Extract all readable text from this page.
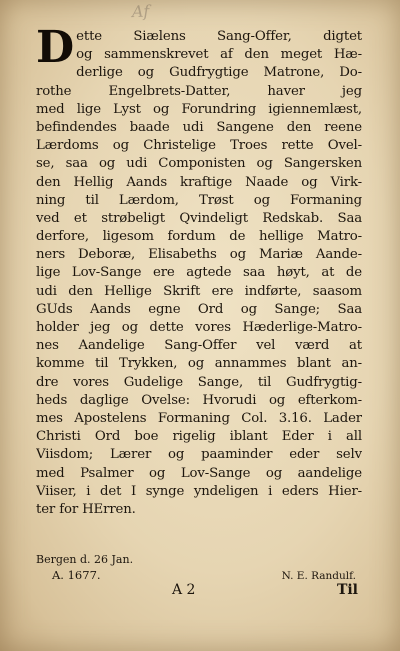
Af
D ette Siælens Sang-Offer, digtet
og sammenskrevet af den meget Hæ-
derlige og Gudfrygtige Matrone, Do-
rothe Engelbrets-Datter, haver jeg
med lige Lyst og Forundring igiennemlæst,
befindendes baade udi Sangene den reene
Lærdoms og Christelige Troes rette Ovel-
se, saa og udi Componisten og Sangersken
den Hellig Aands kraftige Naade og Virk-
ning til Lærdom, Trøst og Formaning
ved et strøbeligt Qvindeligt Redskab. Saa
derfore, ligesom fordum de hellige Matro-
ners Deboræ, Elisabeths og Mariæ Aande-
lige Lov-Sange ere agtede saa høyt, at de
udi den Hellige Skrift ere indførte, saasom
GUds Aands egne Ord og Sange; Saa
holder jeg og dette vores Hæderlige-Matro-
nes Aandelige Sang-Offer vel værd at
komme til Trykken, og annammes blant an-
dre vores Gudelige Sange, til Gudfrygtig-
heds daglige Ovelse: Hvorudi og efterkom-
mes Apostelens Formaning Col. 3.16. Lader
Christi Ord boe rigelig iblant Eder i all
Viisdom; Lærer og paaminder eder selv
med Psalmer og Lov-Sange og aandelige
Viiser, i det I synge yndeligen i eders Hier-
ter for HErren.
Bergen d. 26 Jan.
A. 1677.	N. E. Randulf.
A 2	Til
